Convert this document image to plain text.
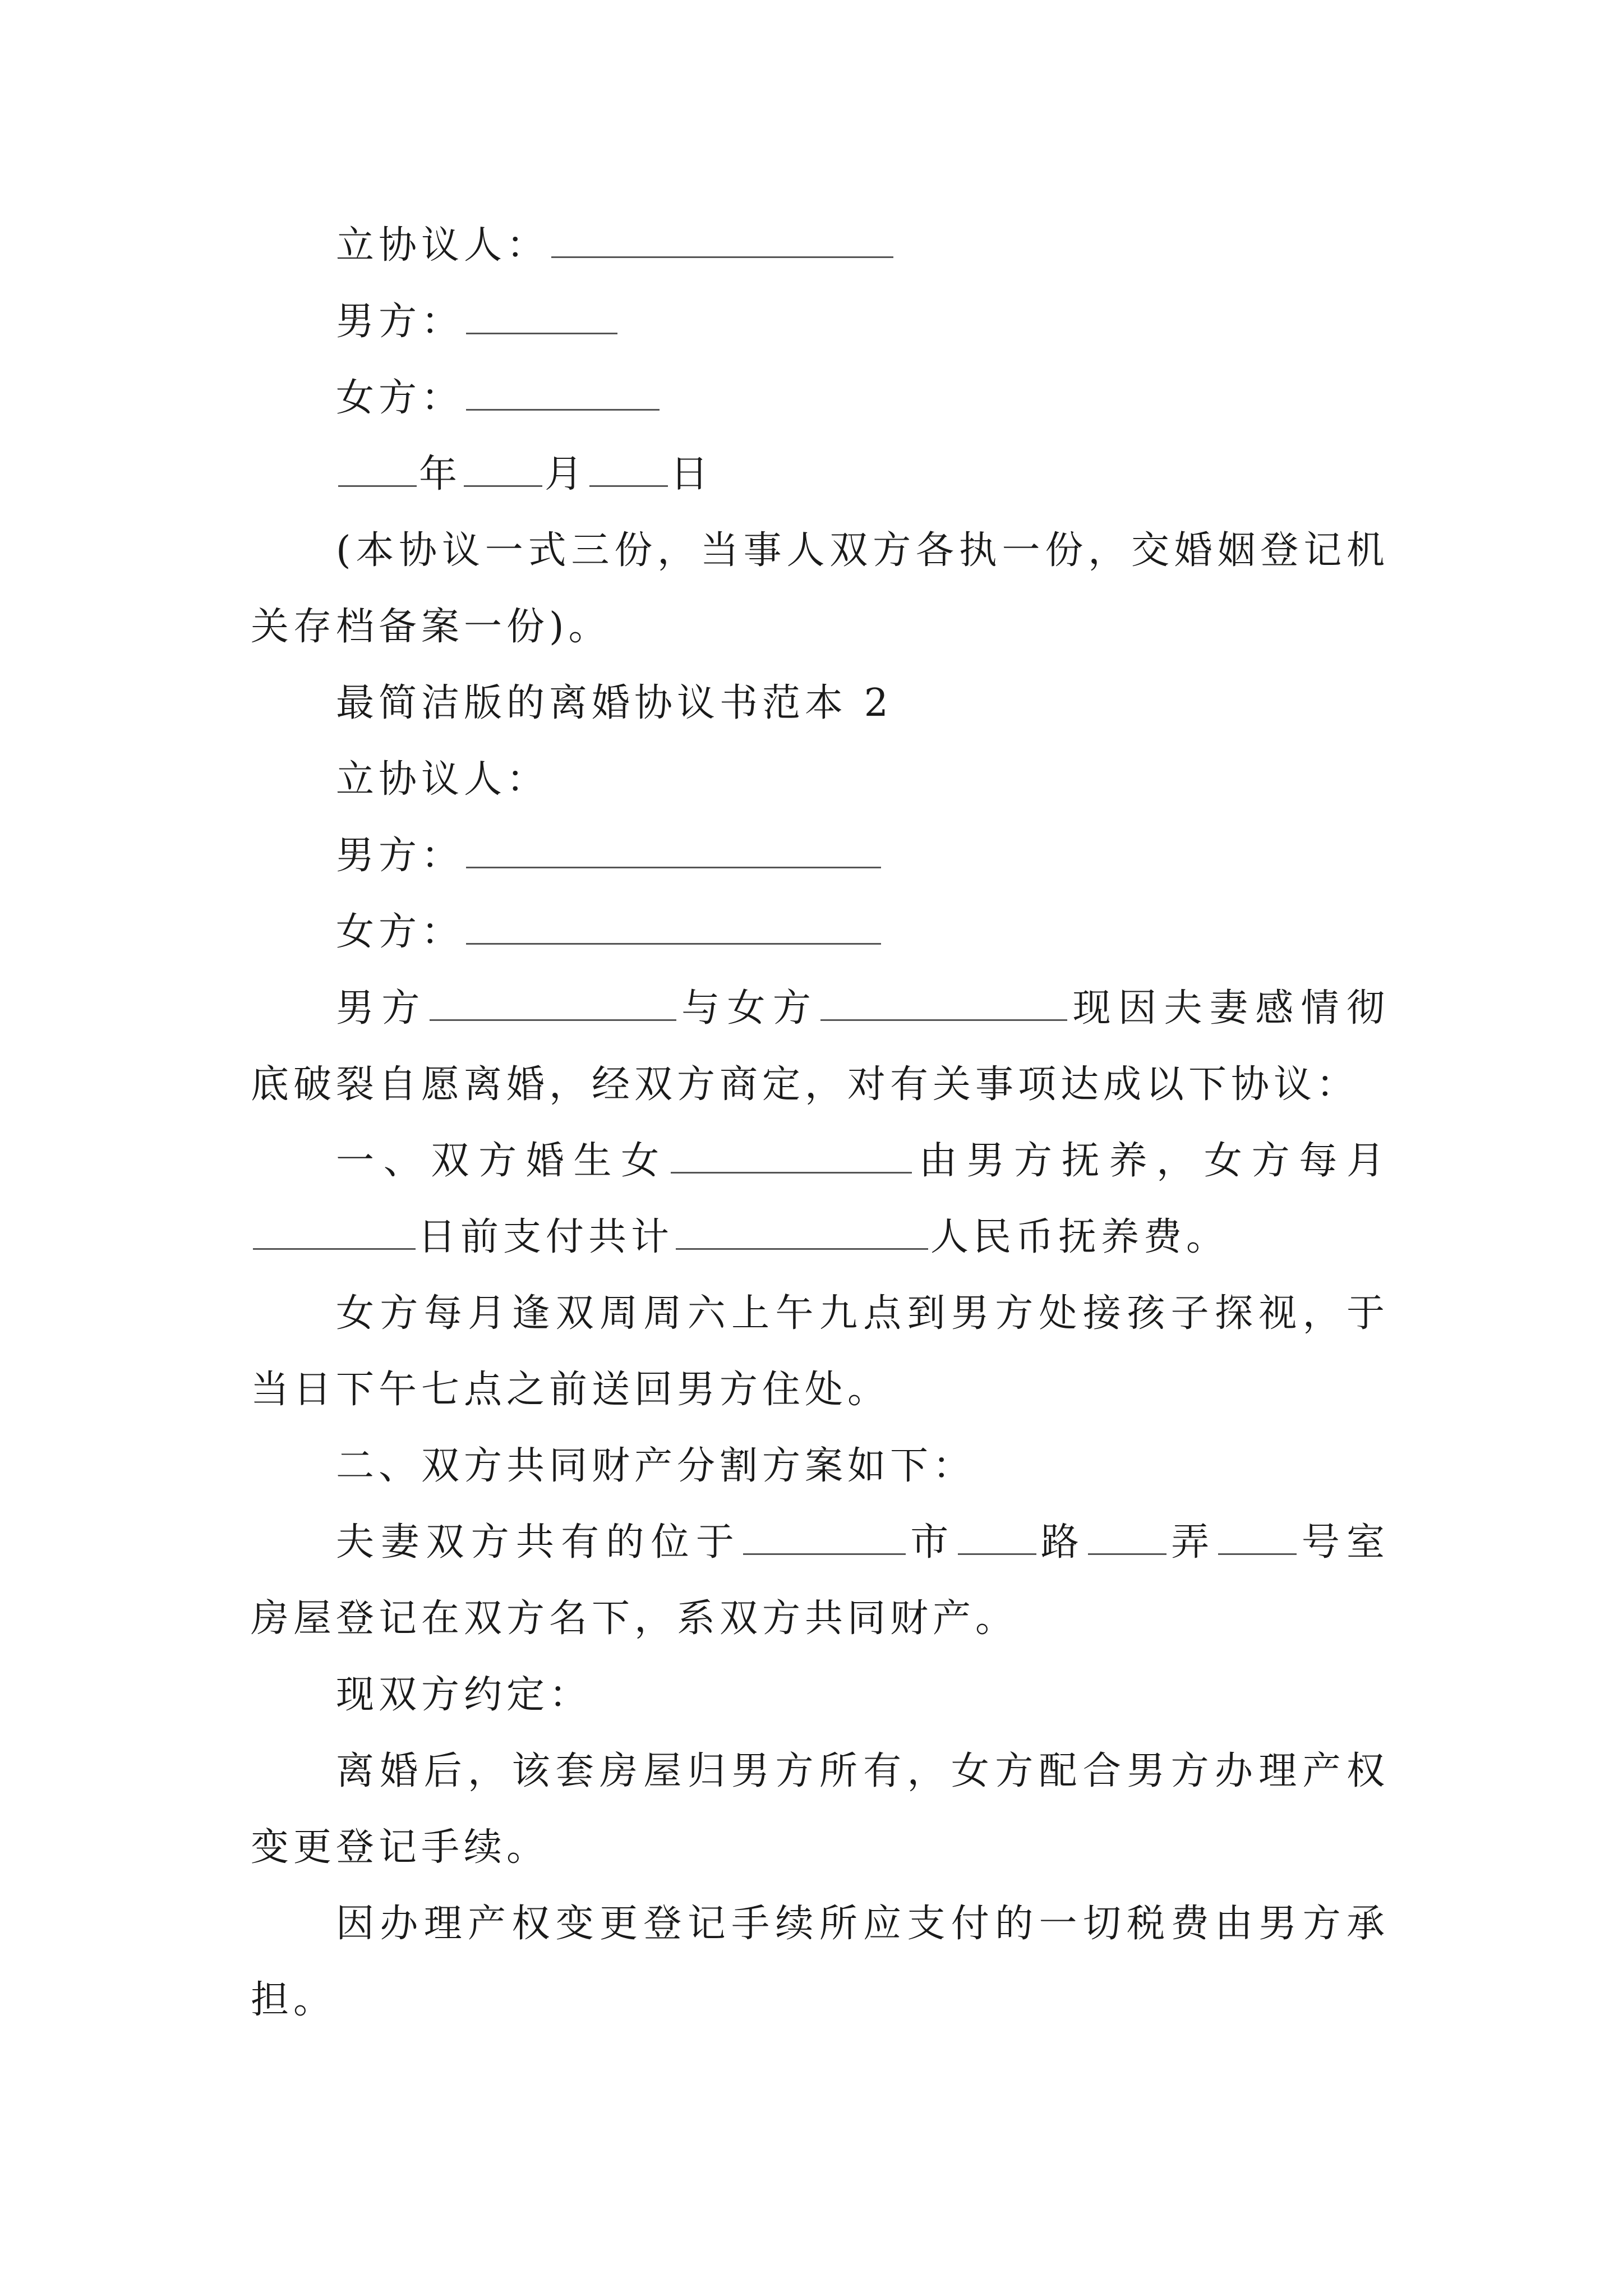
立协议人：

男方：

女方：

年 月 日

(本协议一式三份，当事人双方各执一份，交婚姻登记机关存档备案一份)。

最简洁版的离婚协议书范本 2

立协议人：

男方：

女方：

男方	与女方	现因夫妻感情彻底破裂自愿离婚，经双方商定，对有关事项达成以下协议：

一、双方婚生女	由男方抚养，女方每月日前支付共计	人民币抚养费。

女方每月逢双周周六上午九点到男方处接孩子探视，于当日下午七点之前送回男方住处。

二、双方共同财产分割方案如下：

夫妻双方共有的位于	市 路 弄 号室房屋登记在双方名下，系双方共同财产。

现双方约定：

离婚后，该套房屋归男方所有，女方配合男方办理产权变更登记手续。

因办理产权变更登记手续所应支付的一切税费由男方承担。
